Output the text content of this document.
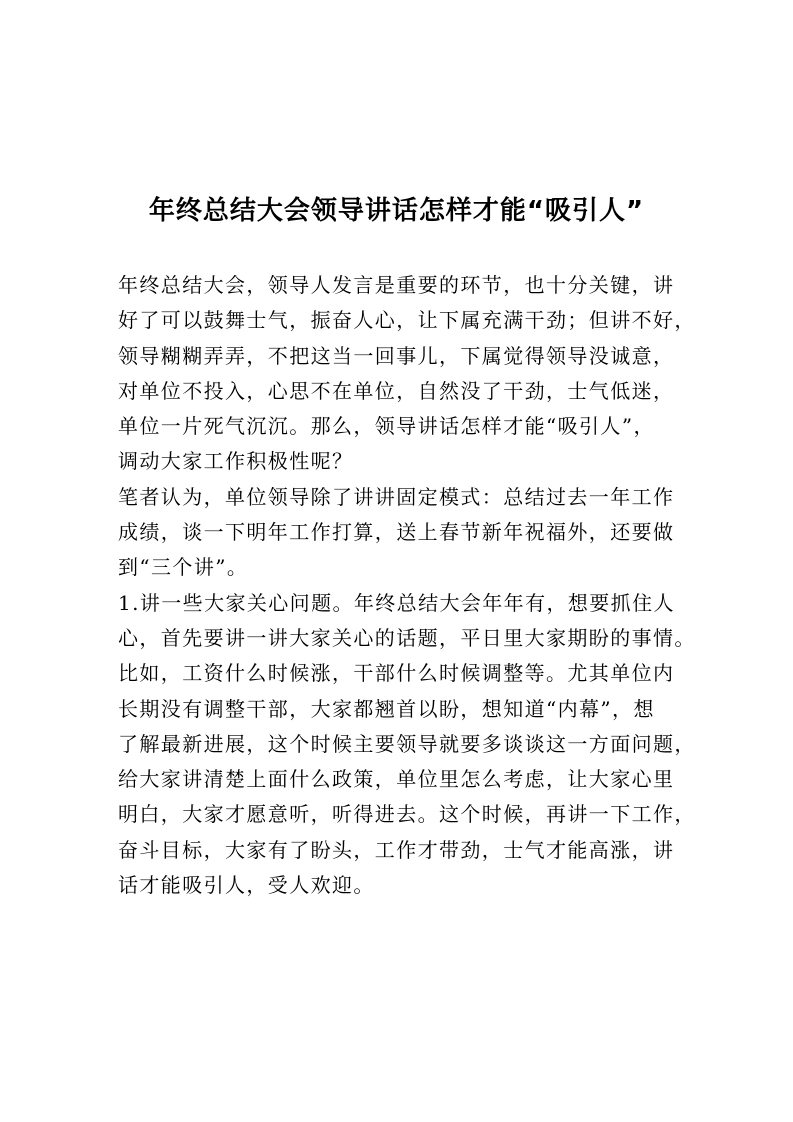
年终总结大会领导讲话怎样才能“吸引人”
年终总结大会，领导人发言是重要的环节，也十分关键，讲
好了可以鼓舞士气，振奋人心，让下属充满干劲；但讲不好，
领导糊糊弄弄，不把这当一回事儿，下属觉得领导没诚意，
对单位不投入，心思不在单位，自然没了干劲，士气低迷，
单位一片死气沉沉。那么，领导讲话怎样才能“吸引人”，
调动大家工作积极性呢？
笔者认为，单位领导除了讲讲固定模式：总结过去一年工作
成绩，谈一下明年工作打算，送上春节新年祝福外，还要做
到“三个讲”。
1.讲一些大家关心问题。年终总结大会年年有，想要抓住人
心，首先要讲一讲大家关心的话题，平日里大家期盼的事情。
比如，工资什么时候涨，干部什么时候调整等。尤其单位内
长期没有调整干部，大家都翘首以盼，想知道“内幕”，想
了解最新进展，这个时候主要领导就要多谈谈这一方面问题，
给大家讲清楚上面什么政策，单位里怎么考虑，让大家心里
明白，大家才愿意听，听得进去。这个时候，再讲一下工作，
奋斗目标，大家有了盼头，工作才带劲，士气才能高涨，讲
话才能吸引人，受人欢迎。
